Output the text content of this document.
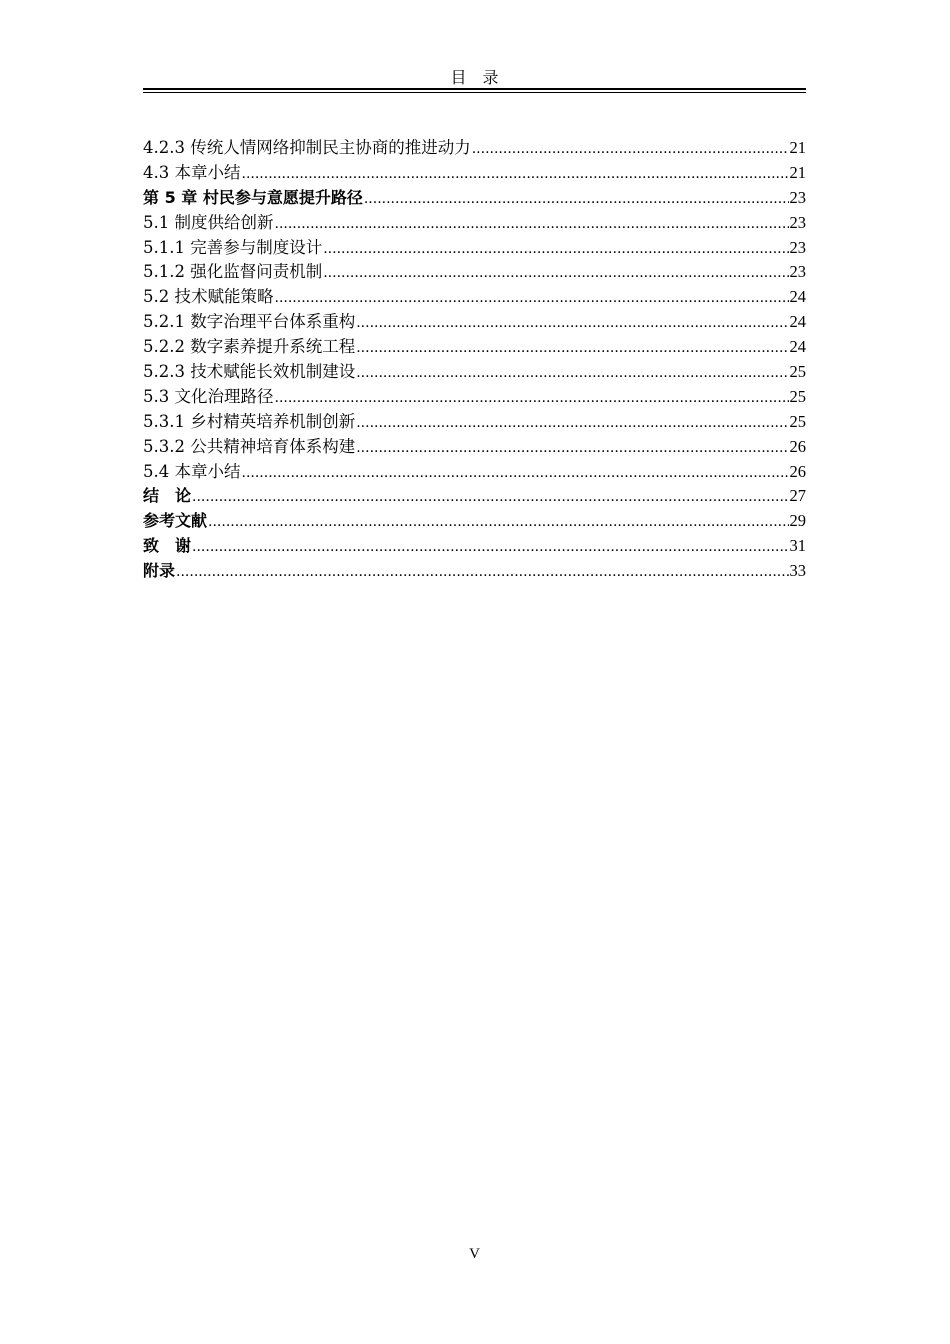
目　录
4.2.3 传统人情网络抑制民主协商的推进动力 .....	21
4.3 本章小结 .....	21
第 5 章 村民参与意愿提升路径 .....	23
5.1 制度供给创新 .....	23
5.1.1 完善参与制度设计 .....	23
5.1.2 强化监督问责机制 .....	23
5.2 技术赋能策略 .....	24
5.2.1 数字治理平台体系重构 .....	24
5.2.2 数字素养提升系统工程 .....	24
5.2.3 技术赋能长效机制建设 .....	25
5.3 文化治理路径 .....	25
5.3.1 乡村精英培养机制创新 .....	25
5.3.2 公共精神培育体系构建 .....	26
5.4 本章小结 .....	26
结　论 .....	27
参考文献 .....	29
致　谢 .....	31
附录 .....	33
V
